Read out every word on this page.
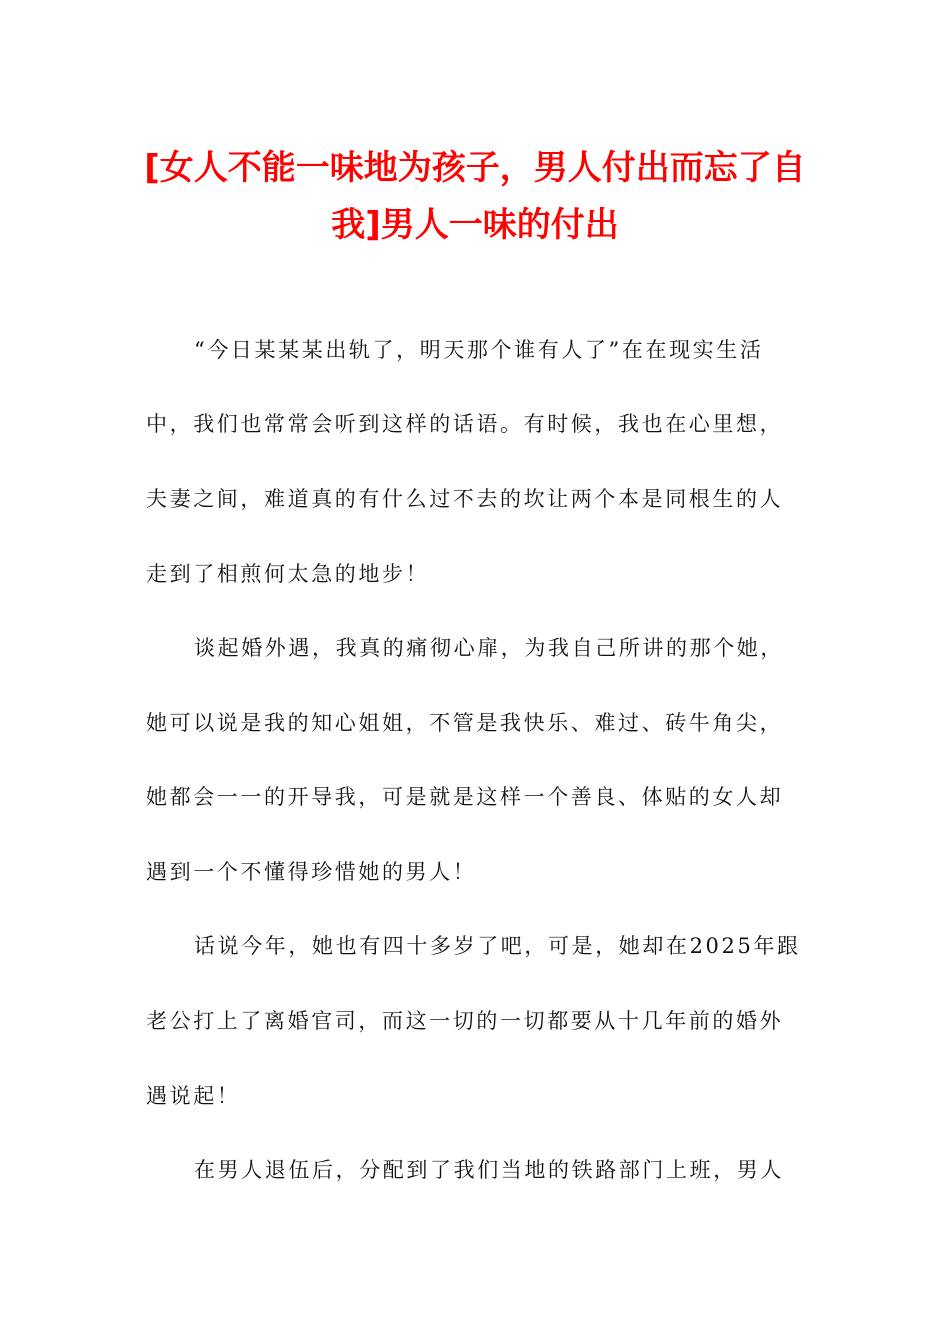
[女人不能一味地为孩子，男人付出而忘了自
我]男人一味的付出
“今日某某某出轨了，明天那个谁有人了”在在现实生活
中，我们也常常会听到这样的话语。有时候，我也在心里想，
夫妻之间，难道真的有什么过不去的坎让两个本是同根生的人
走到了相煎何太急的地步！
谈起婚外遇，我真的痛彻心扉，为我自己所讲的那个她，
她可以说是我的知心姐姐，不管是我快乐、难过、砖牛角尖，
她都会一一的开导我，可是就是这样一个善良、体贴的女人却
遇到一个不懂得珍惜她的男人！
话说今年，她也有四十多岁了吧，可是，她却在2025年跟
老公打上了离婚官司，而这一切的一切都要从十几年前的婚外
遇说起！
在男人退伍后，分配到了我们当地的铁路部门上班，男人
